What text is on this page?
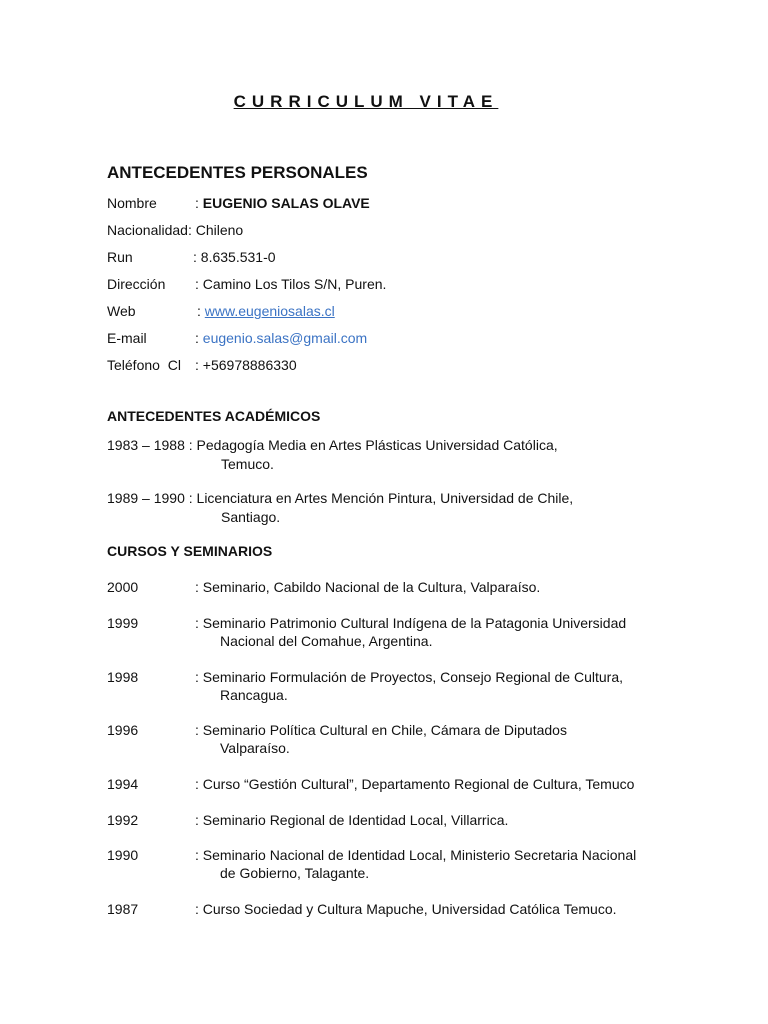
CURRICULUM VITAE
ANTECEDENTES PERSONALES
Nombre	: EUGENIO SALAS OLAVE
Nacionalidad: Chileno
Run	: 8.635.531-0
Dirección : Camino Los Tilos S/N, Puren.
Web	: www.eugeniosalas.cl
E-mail	: eugenio.salas@gmail.com
Teléfono  Cl : +56978886330
ANTECEDENTES ACADÉMICOS
1983 – 1988 : Pedagogía Media en Artes Plásticas Universidad Católica,
Temuco.
1989 – 1990 : Licenciatura en Artes Mención Pintura, Universidad de Chile,
Santiago.
CURSOS Y SEMINARIOS
2000	: Seminario, Cabildo Nacional de la Cultura, Valparaíso.
1999	: Seminario Patrimonio Cultural Indígena de la Patagonia Universidad
Nacional del Comahue, Argentina.
1998	: Seminario Formulación de Proyectos, Consejo Regional de Cultura,
Rancagua.
1996	: Seminario Política Cultural en Chile, Cámara de Diputados
Valparaíso.
1994	: Curso “Gestión Cultural”, Departamento Regional de Cultura, Temuco
1992	: Seminario Regional de Identidad Local, Villarrica.
1990	: Seminario Nacional de Identidad Local, Ministerio Secretaria Nacional
de Gobierno, Talagante.
1987	: Curso Sociedad y Cultura Mapuche, Universidad Católica Temuco.
